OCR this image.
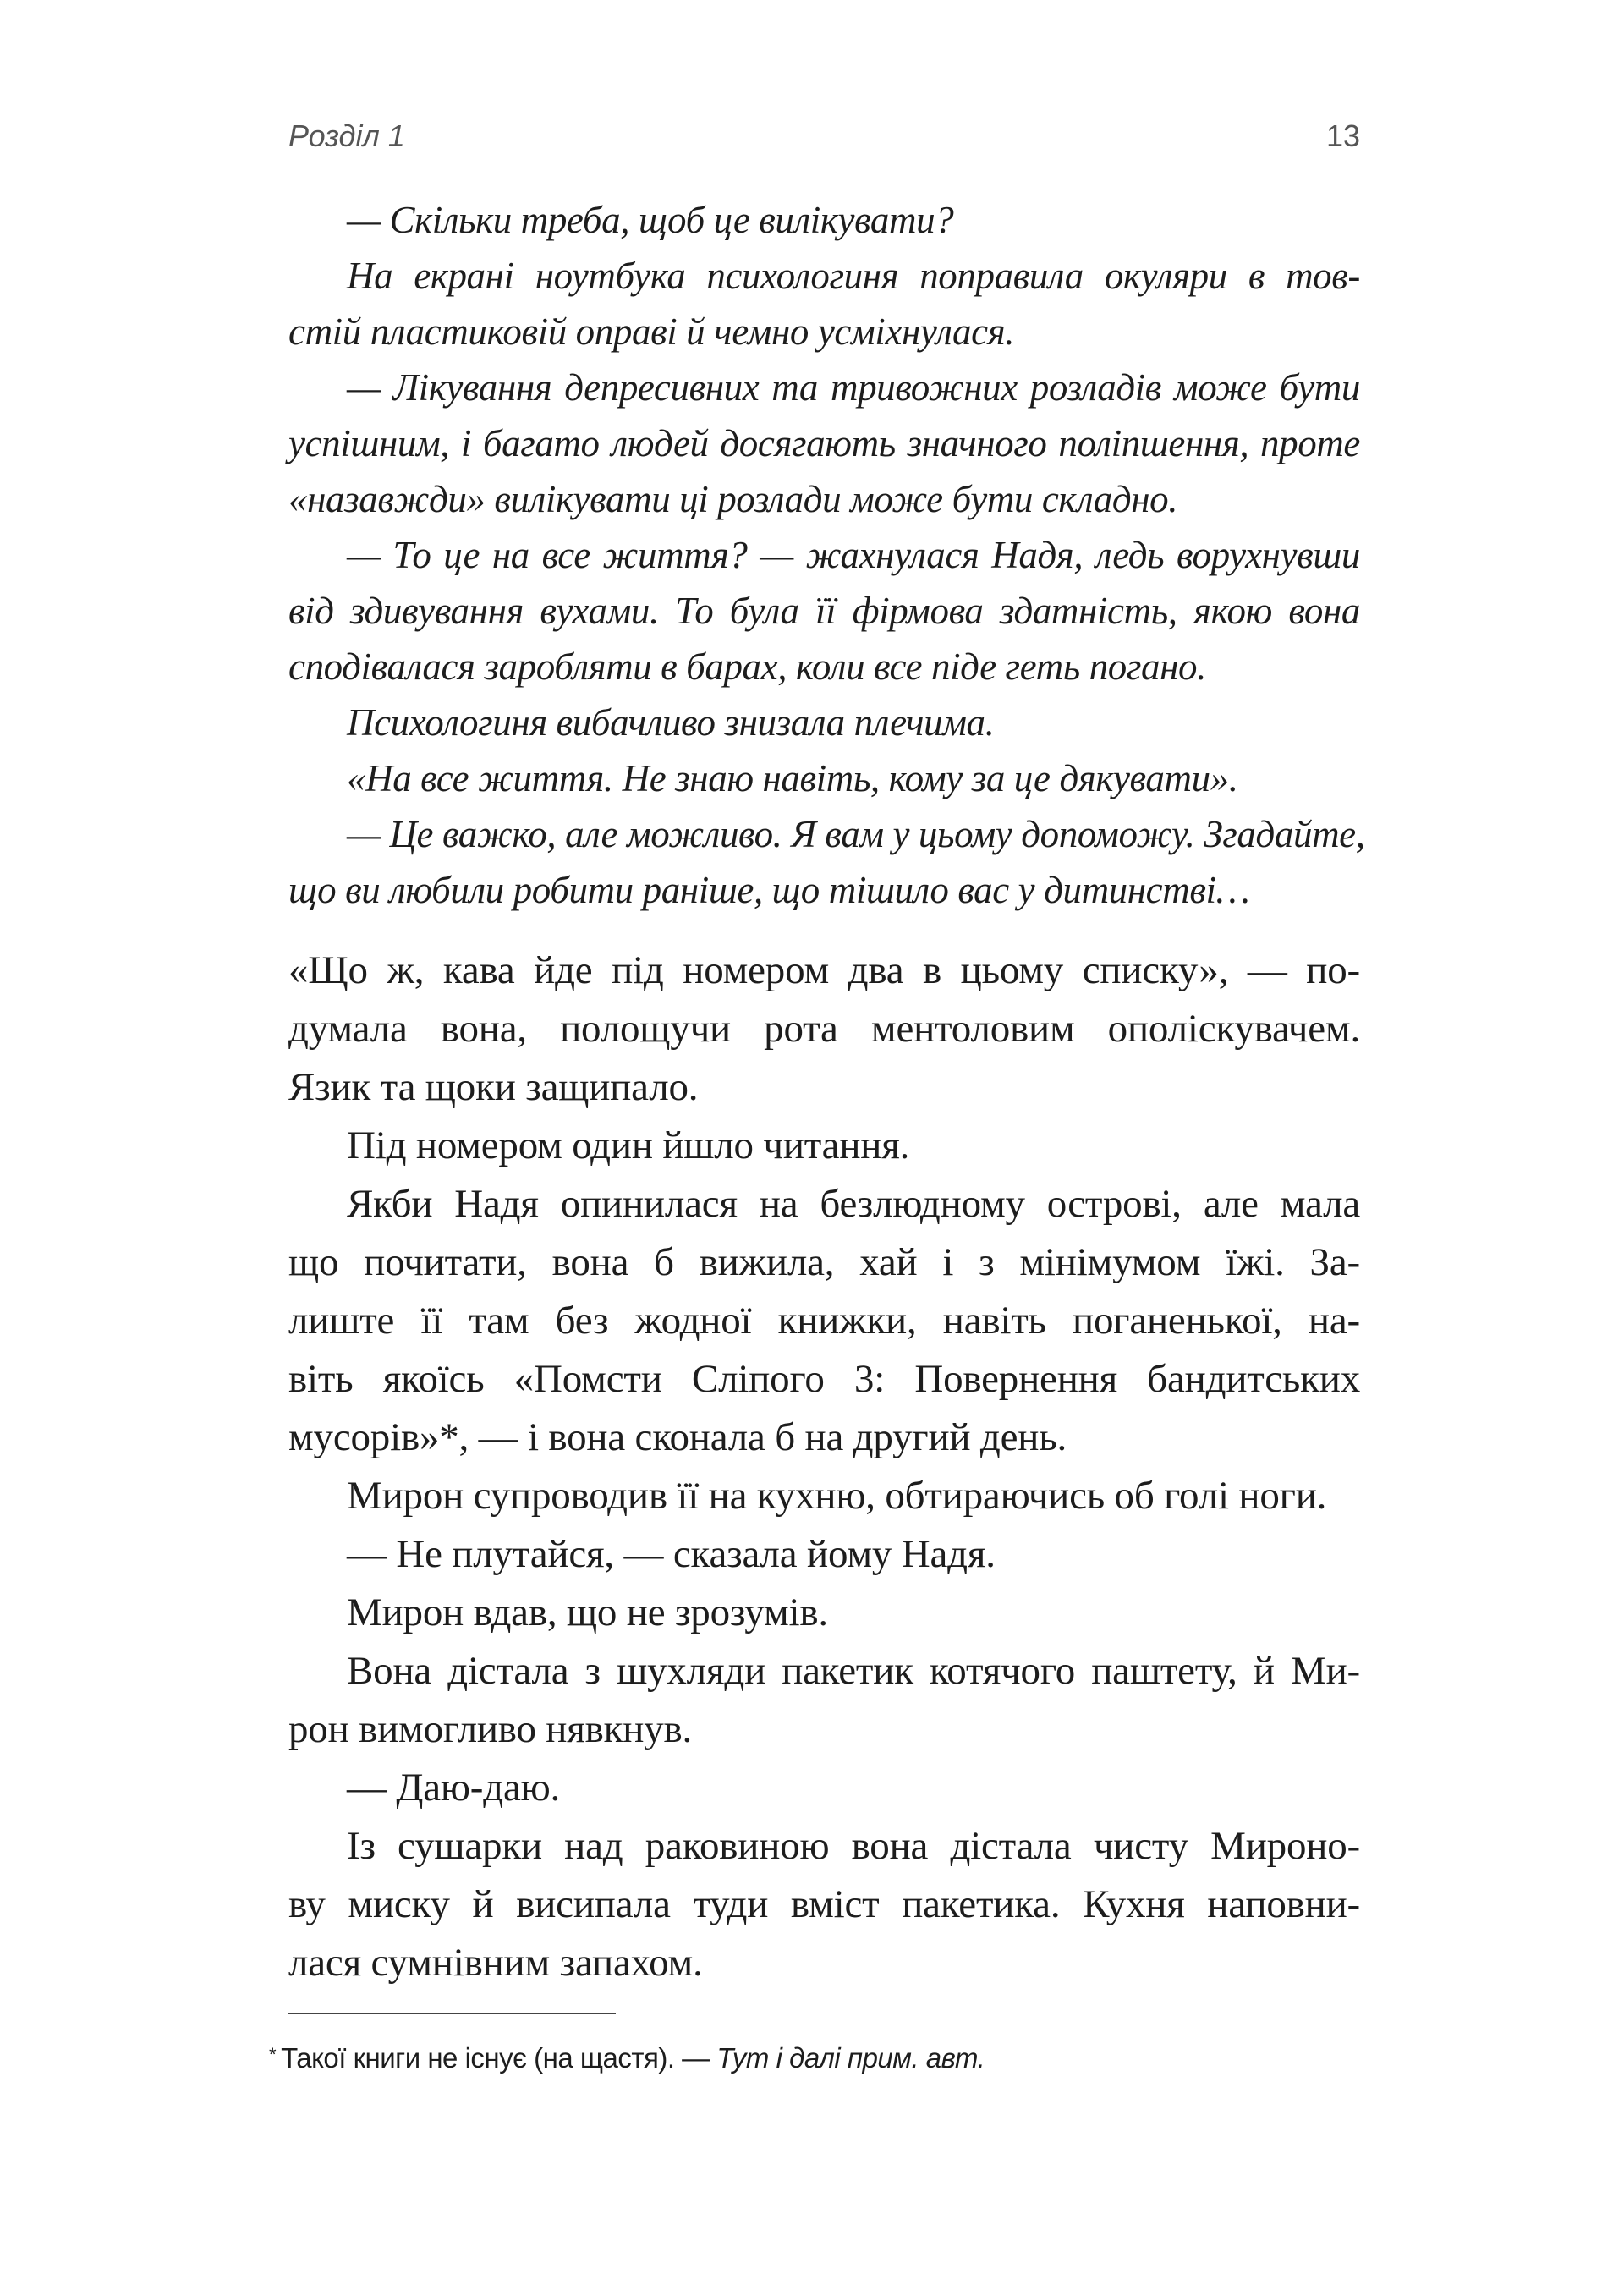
Розділ 1	13
— Скільки треба, щоб це вилікувати?
На екрані ноутбука психологиня поправила окуляри в тов-
стій пластиковій оправі й чемно усміхнулася.
— Лікування депресивних та тривожних розладів може бути
успішним, і багато людей досягають значного поліпшення, проте
«назавжди» вилікувати ці розлади може бути складно.
— То це на все життя? — жахнулася Надя, ледь ворухнувши
від здивування вухами. То була її фірмова здатність, якою вона
сподівалася заробляти в барах, коли все піде геть погано.
Психологиня вибачливо знизала плечима.
«На все життя. Не знаю навіть, кому за це дякувати».
— Це важко, але можливо. Я вам у цьому допоможу. Згадайте,
що ви любили робити раніше, що тішило вас у дитинстві…
«Що ж, кава йде під номером два в цьому списку», — по-
думала вона, полощучи рота ментоловим ополіскувачем.
Язик та щоки защипало.
Під номером один йшло читання.
Якби Надя опинилася на безлюдному острові, але мала
що почитати, вона б вижила, хай і з мінімумом їжі. За-
лиште її там без жодної книжки, навіть поганенької, на-
віть якоїсь «Помсти Сліпого 3: Повернення бандитських
мусорів»*, — і вона сконала б на другий день.
Мирон супроводив її на кухню, обтираючись об голі ноги.
— Не плутайся, — сказала йому Надя.
Мирон вдав, що не зрозумів.
Вона дістала з шухляди пакетик котячого паштету, й Ми-
рон вимогливо нявкнув.
— Даю-даю.
Із сушарки над раковиною вона дістала чисту Миронo-
ву миску й висипала туди вміст пакетика. Кухня наповни-
лася сумнівним запахом.
* Такої книги не існує (на щастя). — Тут і далі прим. авт.
